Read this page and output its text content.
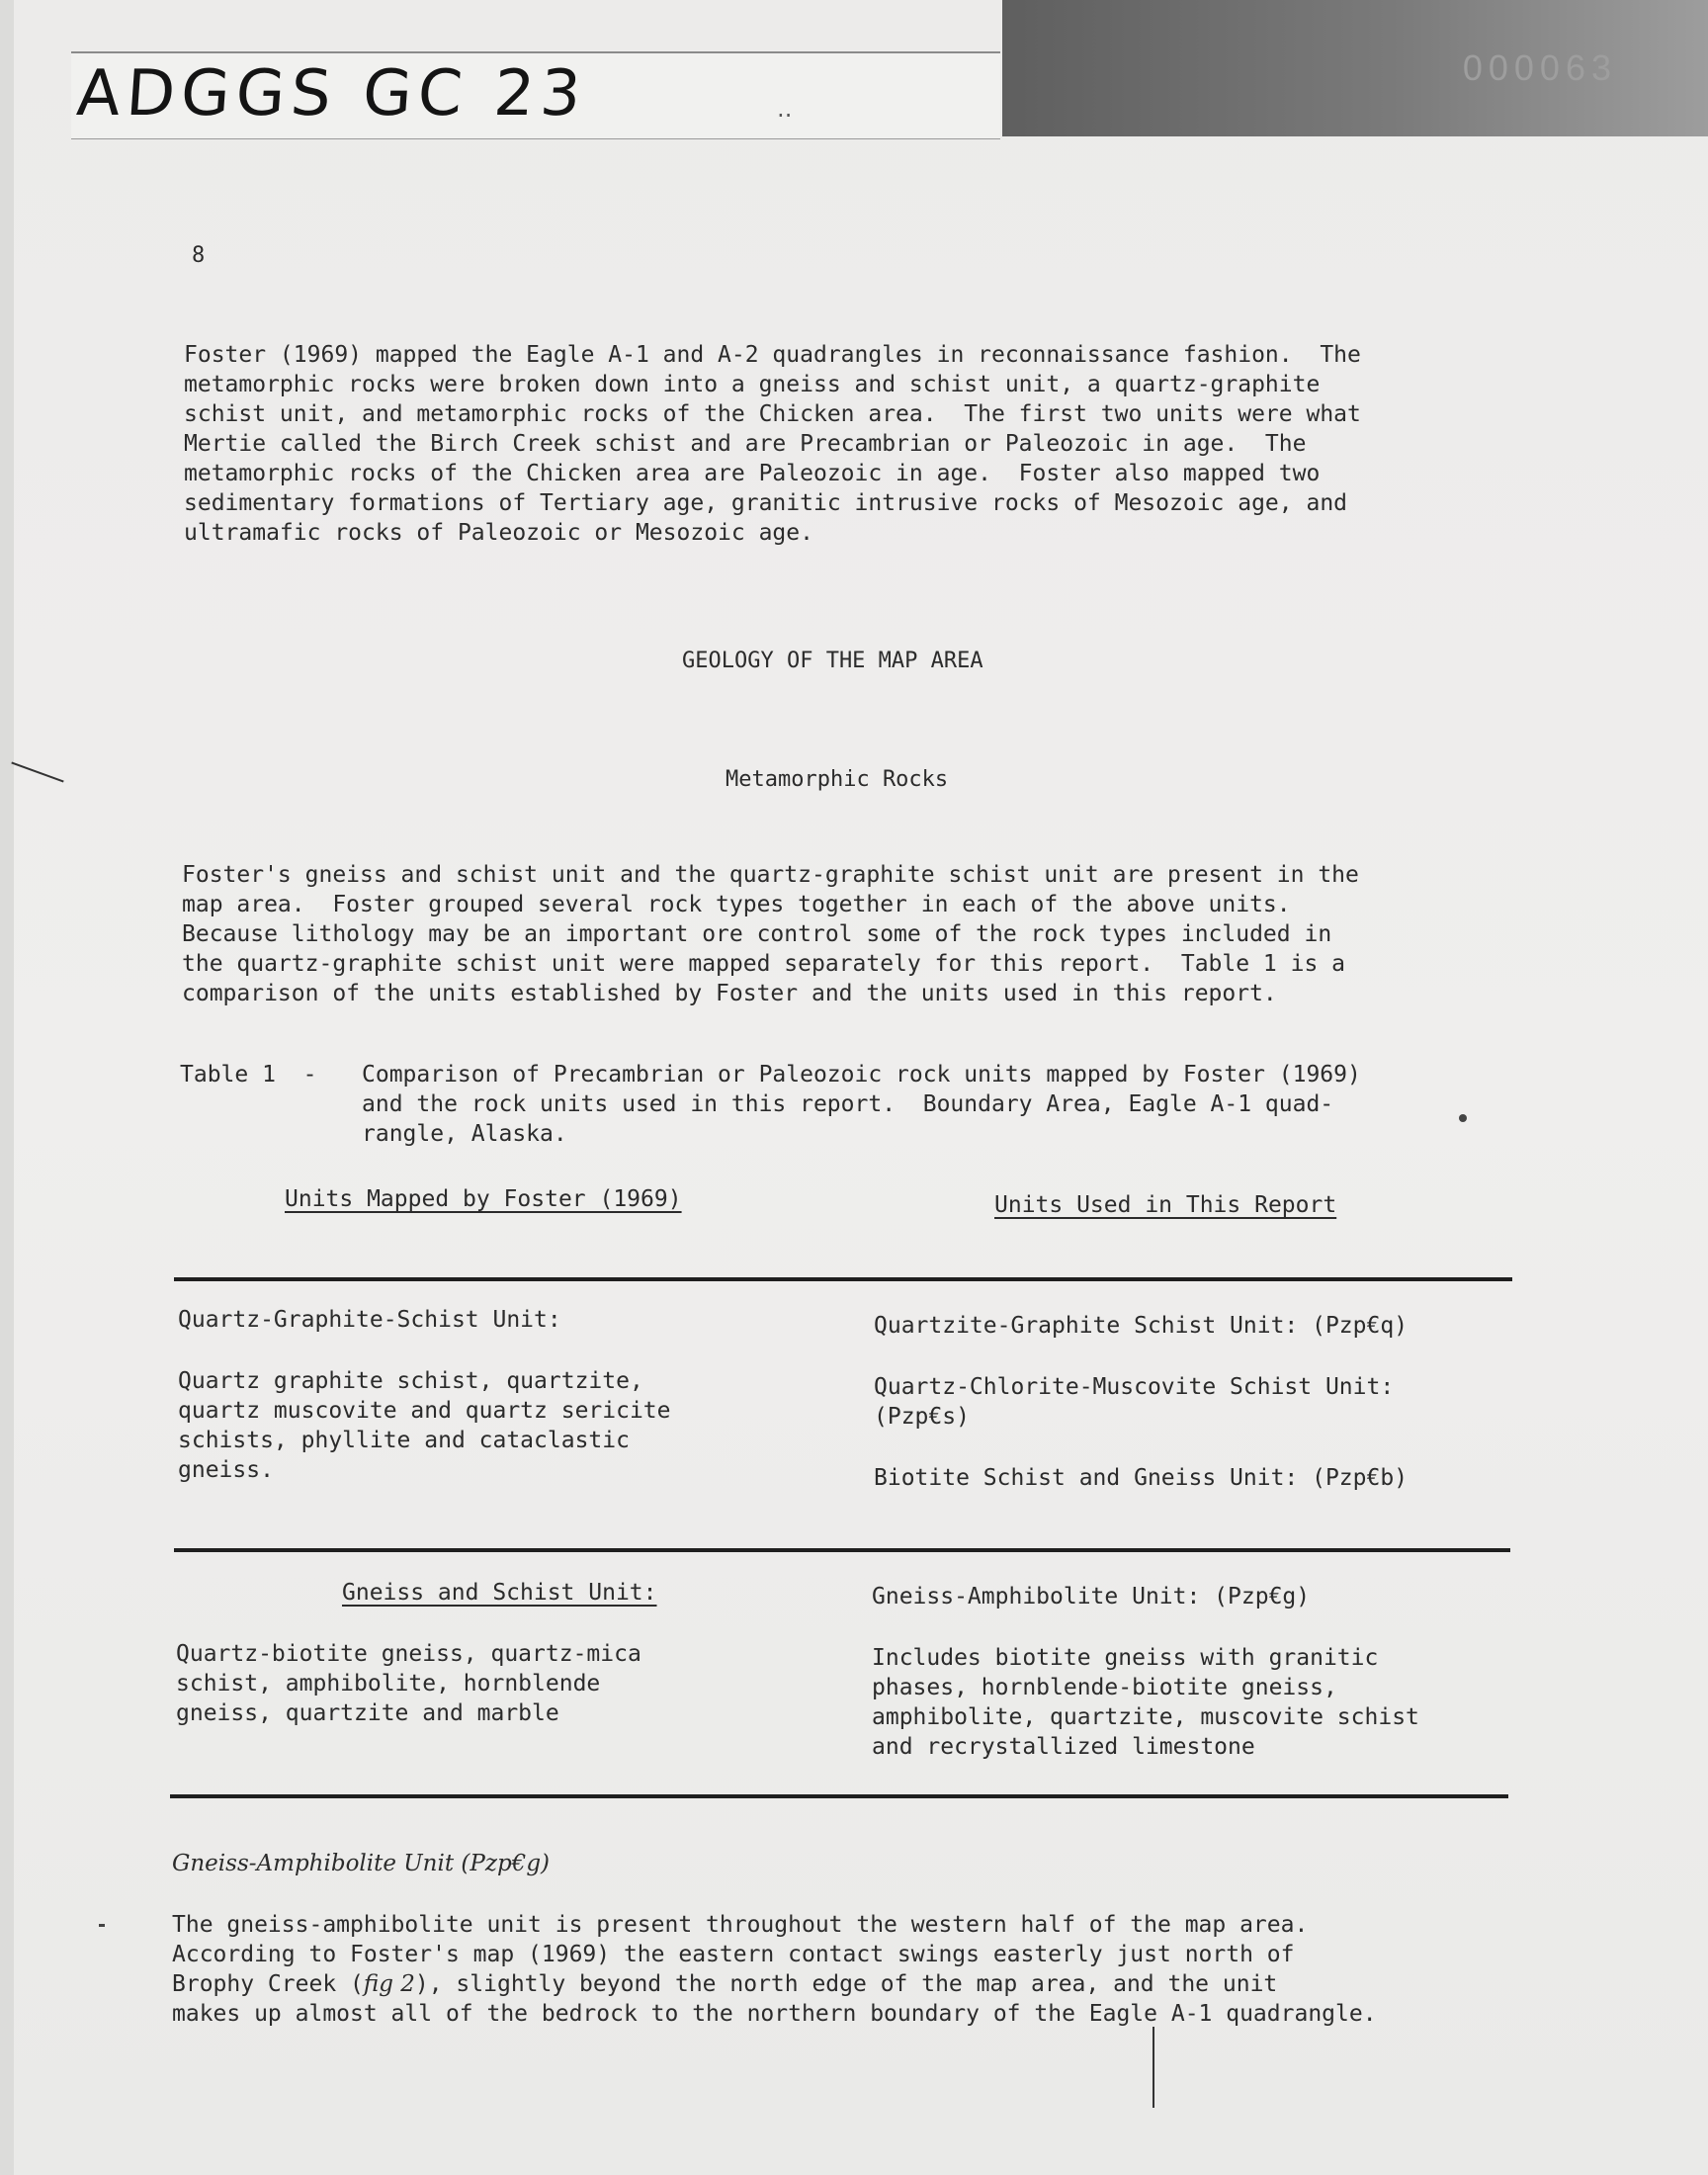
ADGGS GC 23	․․
000063

8

Foster (1969) mapped the Eagle A-1 and A-2 quadrangles in reconnaissance fashion.  The

metamorphic rocks were broken down into a gneiss and schist unit, a quartz-graphite

schist unit, and metamorphic rocks of the Chicken area.  The first two units were what

Mertie called the Birch Creek schist and are Precambrian or Paleozoic in age.  The

metamorphic rocks of the Chicken area are Paleozoic in age.  Foster also mapped two

sedimentary formations of Tertiary age, granitic intrusive rocks of Mesozoic age, and

ultramafic rocks of Paleozoic or Mesozoic age.

GEOLOGY OF THE MAP AREA

Metamorphic Rocks

Foster's gneiss and schist unit and the quartz-graphite schist unit are present in the

map area.  Foster grouped several rock types together in each of the above units.

Because lithology may be an important ore control some of the rock types included in

the quartz-graphite schist unit were mapped separately for this report.  Table 1 is a

comparison of the units established by Foster and the units used in this report.

Table 1  - Comparison of Precambrian or Paleozoic rock units mapped by Foster (1969)

and the rock units used in this report.  Boundary Area, Eagle A-1 quad-

rangle, Alaska.

Units Mapped by Foster (1969)	Units Used in This Report

Quartz-Graphite-Schist Unit:

Quartz graphite schist, quartzite,

quartz muscovite and quartz sericite

schists, phyllite and cataclastic

gneiss.

Quartzite-Graphite Schist Unit: (Pzp€q)

Quartz-Chlorite-Muscovite Schist Unit:

(Pzp€s)

Biotite Schist and Gneiss Unit: (Pzp€b)

Gneiss and Schist Unit:

Quartz-biotite gneiss, quartz-mica

schist, amphibolite, hornblende

gneiss, quartzite and marble

Gneiss-Amphibolite Unit: (Pzp€g)

Includes biotite gneiss with granitic

phases, hornblende-biotite gneiss,

amphibolite, quartzite, muscovite schist

and recrystallized limestone

Gneiss-Amphibolite Unit (Pzp€g)

The gneiss-amphibolite unit is present throughout the western half of the map area.

According to Foster's map (1969) the eastern contact swings easterly just north of

Brophy Creek (fig 2), slightly beyond the north edge of the map area, and the unit

makes up almost all of the bedrock to the northern boundary of the Eagle A-1 quadrangle.
